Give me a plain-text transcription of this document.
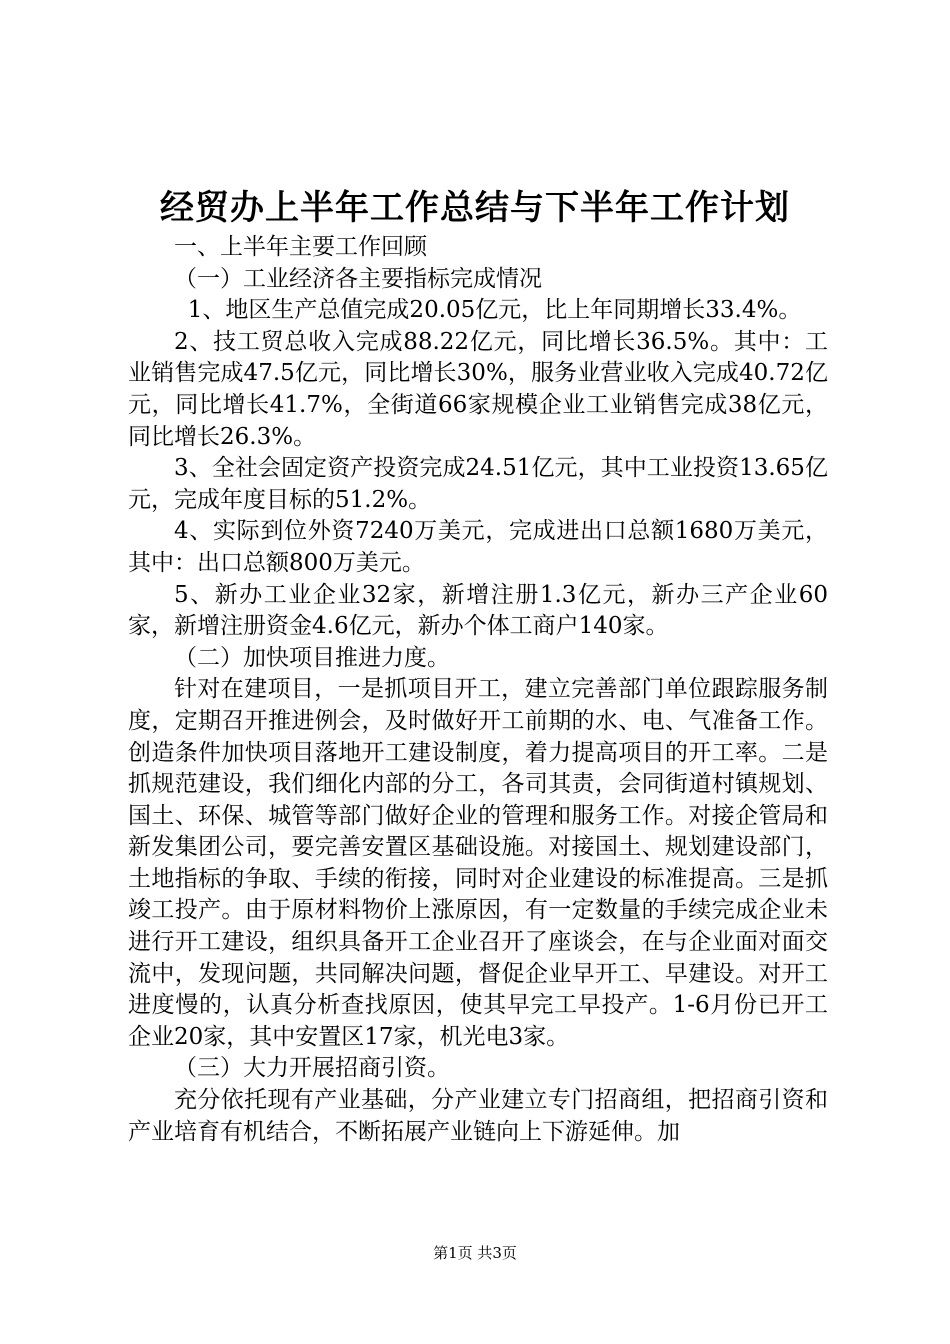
经贸办上半年工作总结与下半年工作计划

一、上半年主要工作回顾

（一）工业经济各主要指标完成情况

1、地区生产总值完成20.05亿元，比上年同期增长33.4%。

2、技工贸总收入完成88.22亿元，同比增长36.5%。其中：工业销售完成47.5亿元，同比增长30%，服务业营业收入完成40.72亿元，同比增长41.7%，全街道66家规模企业工业销售完成38亿元，同比增长26.3%。

3、全社会固定资产投资完成24.51亿元，其中工业投资13.65亿元，完成年度目标的51.2%。

4、实际到位外资7240万美元，完成进出口总额1680万美元，其中：出口总额800万美元。

5、新办工业企业32家，新增注册1.3亿元，新办三产企业60家，新增注册资金4.6亿元，新办个体工商户140家。

（二）加快项目推进力度。

针对在建项目，一是抓项目开工，建立完善部门单位跟踪服务制度，定期召开推进例会，及时做好开工前期的水、电、气准备工作。创造条件加快项目落地开工建设制度，着力提高项目的开工率。二是抓规范建设，我们细化内部的分工，各司其责，会同街道村镇规划、国土、环保、城管等部门做好企业的管理和服务工作。对接企管局和新发集团公司，要完善安置区基础设施。对接国土、规划建设部门，土地指标的争取、手续的衔接，同时对企业建设的标准提高。三是抓竣工投产。由于原材料物价上涨原因，有一定数量的手续完成企业未进行开工建设，组织具备开工企业召开了座谈会，在与企业面对面交流中，发现问题，共同解决问题，督促企业早开工、早建设。对开工进度慢的，认真分析查找原因，使其早完工早投产。1-6月份已开工企业20家，其中安置区17家，机光电3家。

（三）大力开展招商引资。

充分依托现有产业基础，分产业建立专门招商组，把招商引资和产业培育有机结合，不断拓展产业链向上下游延伸。加

第1页 共3页
